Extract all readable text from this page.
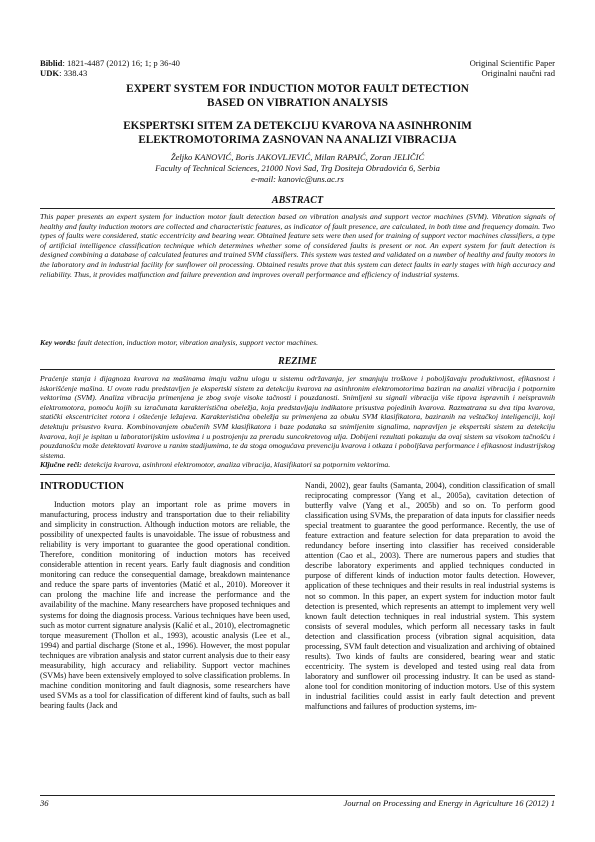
Biblid: 1821-4487 (2012) 16; 1; p 36-40
UDK: 338.43
Original Scientific Paper
Originalni naučni rad
EXPERT SYSTEM FOR INDUCTION MOTOR FAULT DETECTION
BASED ON VIBRATION ANALYSIS
EKSPERTSKI SITEM ZA DETEKCIJU KVAROVA NA ASINHRONIM
ELEKTROMOTORIMA ZASNOVAN NA ANALIZI VIBRACIJA
Željko KANOVIĆ, Boris JAKOVLJEVIĆ, Milan RAPAIĆ, Zoran JELIČIĆ
Faculty of Technical Sciences, 21000 Novi Sad, Trg Dositeja Obradovića 6, Serbia
e-mail: kanovic@uns.ac.rs
ABSTRACT
This paper presents an expert system for induction motor fault detection based on vibration analysis and support vector machines (SVM). Vibration signals of healthy and faulty induction motors are collected and characteristic features, as indicator of fault presence, are calculated, in both time and frequency domain. Two types of faults were considered, static eccentricity and bearing wear. Obtained feature sets were then used for training of support vector machines classifiers, a type of artificial intelligence classification technique which determines whether some of considered faults is present or not. An expert system for fault detection is designed combining a database of calculated features and trained SVM classifiers. This system was tested and validated on a number of healthy and faulty motors in the laboratory and in industrial facility for sunflower oil processing. Obtained results prove that this system can detect faults in early stages with high accuracy and reliability. Thus, it provides malfunction and failure prevention and improves overall performance and efficiency of industrial systems.
Key words: fault detection, induction motor, vibration analysis, support vector machines.
REZIME
Praćenje stanja i dijagnoza kvarova na mašinama imaju važnu ulogu u sistemu održavanja, jer smanjuju troškove i poboljšavaju produktivnost, efikasnost i iskorišćenje mašina. U ovom radu predstavljen je ekspertski sistem za detekciju kvarova na asinhronim elektromotorima baziran na analizi vibracija i potpornim vektorima (SVM). Analiza vibracija primenjena je zbog svoje visoke tačnosti i pouzdanosti. Snimljeni su signali vibracija više tipova ispravnih i neispravnih elektromotora, pomoću kojih su izračunata karakteristična obeležja, koja predstavljaju indikatore prisustva pojedinih kvarova. Razmatrana su dva tipa kvarova, statički ekscentricitet rotora i oštećenje ležajeva. Karakteristična obeležja su primenjena za obuku SVM klasifikatora, baziranih na veštačkoj inteligenciji, koji detektuju prisustvo kvara. Kombinovanjem obučenih SVM klasifikatora i baze podataka sa snimljenim signalima, napravljen je ekspertski sistem za detekciju kvarova, koji je ispitan u laboratorijskim uslovima i u postrojenju za preradu suncokretovog ulja. Dobijeni rezultati pokazuju da ovaj sistem sa visokom tačnošću i pouzdanošću može detektovati kvarove u ranim stadijumima, te da stoga omogućava prevenciju kvarova i otkaza i poboljšava performance i efikasnost industrijskog sistema.
Ključne reči: detekcija kvarova, asinhroni elektromotor, analiza vibracija, klasifikatori sa potpornim vektorima.
INTRODUCTION

Induction motors play an important role as prime movers in manufacturing, process industry and transportation due to their reliability and simplicity in construction. Although induction motors are reliable, the possibility of unexpected faults is unavoidable. The issue of robustness and reliability is very important to guarantee the good operational condition. Therefore, condition monitoring of induction motors has received considerable attention in recent years. Early fault diagnosis and condition monitoring can reduce the consequential damage, breakdown maintenance and reduce the spare parts of inventories (Matić et al., 2010). Moreover it can prolong the machine life and increase the performance and the availability of the machine. Many researchers have proposed techniques and systems for doing the diagnosis process. Various techniques have been used, such as motor current signature analysis (Kalić et al., 2010), electromagnetic torque measurement (Thollon et al., 1993), acoustic analysis (Lee et al., 1994) and partial discharge (Stone et al., 1996). However, the most popular techniques are vibration analysis and stator current analysis due to their easy measurability, high accuracy and reliability. Support vector machines (SVMs) have been extensively employed to solve classification problems. In machine condition monitoring and fault diagnosis, some researchers have used SVMs as a tool for classification of different kind of faults, such as ball bearing faults (Jack and

Nandi, 2002), gear faults (Samanta, 2004), condition classification of small reciprocating compressor (Yang et al., 2005a), cavitation detection of butterfly valve (Yang et al., 2005b) and so on. To perform good classification using SVMs, the preparation of data inputs for classifier needs special treatment to guarantee the good performance. Recently, the use of feature extraction and feature selection for data preparation to avoid the redundancy before inserting into classifier has received considerable attention (Cao et al., 2003). There are numerous papers and studies that describe laboratory experiments and applied techniques conducted in purpose of different kinds of induction motor faults detection. However, application of these techniques and their results in real industrial systems is not so common. In this paper, an expert system for induction motor fault detection is presented, which represents an attempt to implement very well known fault detection techniques in real industrial system. This system consists of several modules, which perform all necessary tasks in fault detection and classification process (vibration signal acquisition, data processing, SVM fault detection and visualization and archiving of obtained results). Two kinds of faults are considered, bearing wear and static eccentricity. The system is developed and tested using real data from laboratory and sunflower oil processing industry. It can be used as stand-alone tool for condition monitoring of induction motors. Use of this system in industrial facilities could assist in early fault detection and prevent malfunctions and failures of production systems, im-

36	Journal on Processing and Energy in Agriculture 16 (2012) 1
